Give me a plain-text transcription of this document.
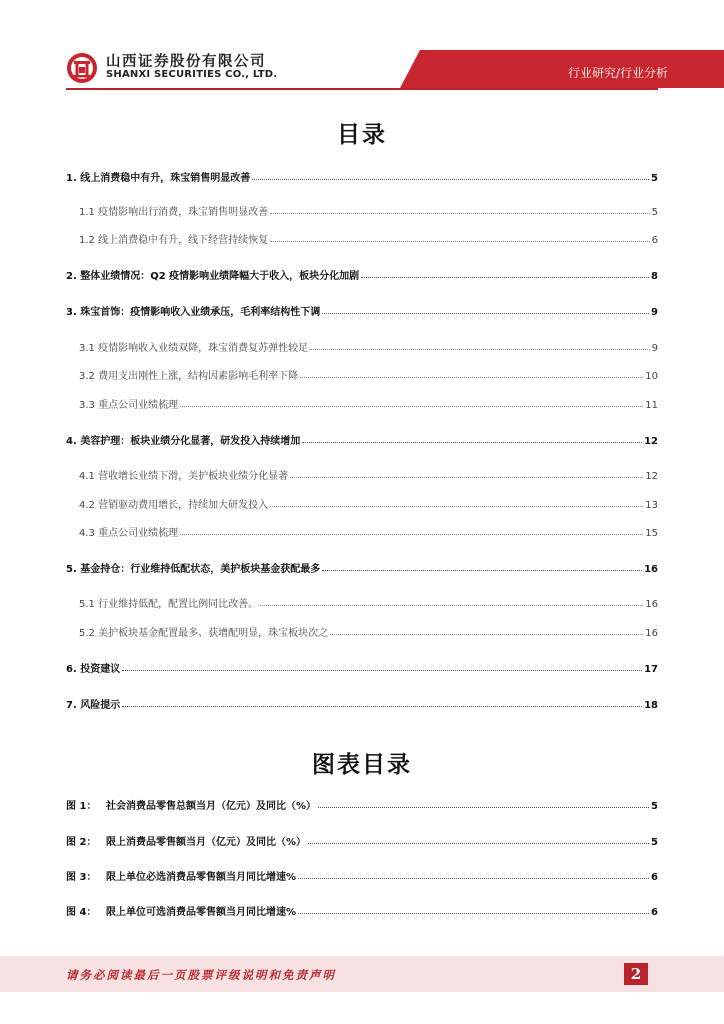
山西证券股份有限公司
SHANXI SECURITIES CO., LTD.	行业研究/行业分析
目录
1. 线上消费稳中有升，珠宝销售明显改善	5
1.1 疫情影响出行消费，珠宝销售明显改善	5
1.2 线上消费稳中有升，线下经营持续恢复	6
2. 整体业绩情况：Q2 疫情影响业绩降幅大于收入，板块分化加剧	8
3. 珠宝首饰：疫情影响收入业绩承压，毛利率结构性下调	9
3.1 疫情影响收入业绩双降，珠宝消费复苏弹性较足	9
3.2 费用支出刚性上涨，结构因素影响毛利率下降	10
3.3 重点公司业绩梳理	11
4. 美容护理：板块业绩分化显著，研发投入持续增加	12
4.1 营收增长业绩下滑，美护板块业绩分化显著	12
4.2 营销驱动费用增长，持续加大研发投入	13
4.3 重点公司业绩梳理	15
5. 基金持仓：行业维持低配状态，美护板块基金获配最多	16
5.1 行业维持低配，配置比例同比改善。	16
5.2 美护板块基金配置最多、获增配明显，珠宝板块次之	16
6. 投资建议	17
7. 风险提示	18
图表目录
图 1： 社会消费品零售总额当月（亿元）及同比（%）	5
图 2： 限上消费品零售额当月（亿元）及同比（%）	5
图 3： 限上单位必选消费品零售额当月同比增速%	6
图 4： 限上单位可选消费品零售额当月同比增速%	6
请务必阅读最后一页股票评级说明和免责声明	2
